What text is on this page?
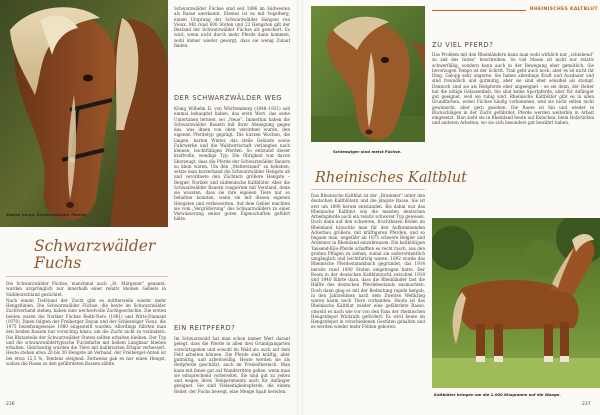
Starke Jungs: Schwarzwälder Füchse
Schwarzwälder
Fuchs

Die Schwarzwälder Füchse, manchmal auch „St. Märgener“ genannt, wurden ursprünglich nur innerhalb einer relativ kleinen Gebiets in Süddeutschland gezüchtet.

Nach einem Tiefstand der Zucht gibt es mittlerweile wieder mehr Hengstlinien. Die Schwarzwälder Füchse, die heute im Schwarzwälder Zuchtverband stehen, haben eine wechselvolle Zuchtgeschichte. Die ersten beiden waren die Noriker Füchse Reith-Nero (1961) und Wirts-Diamant (1970). Ihnen folgten der Freiberger Dayan und der Schleswiger Vieux, die 1975 beziehungsweise 1980 eingestellt wurden. Allerdings führten man den beiden Rassen nur vorsichtig hinzu, um die Zucht nicht zu verändern. Die Blutanteile der Schwarzwälder Stuten sollten erhalten bleiben. Der Typ und die schwarzwäldertypische Fuchsfarbe mit hellem Langhaar blieben erhalten. Gleichzeitig wurden die Tiere mit kalibrierten Erbgut verbessert. Heute stehen etwa 20 bis 30 Hengste im Verband, der Freiberger-Anteil ist bei etwa 12,5 %, Tendenz steigend. Zeitweise gab es nur einen Hengst, sodass die Rasse zu den gefährdeten Rassen zählte.

Schwarzwälder Füchse sind seit 1896 im Südwesten als Rasse anerkannt. Ebenso ist es mit Vogelberg, einem Ursprung der Schwarzwälder Hengste von Vieux. Mit rund 600 Stuten und 22 Hengsten gilt der Bestand der Schwarzwälder Füchse als gesichert. Es wird, wenn nicht durch mehr Pferde dann kommen, wohl immer wieder gesorgt, dass sie wenig Zulauf finden.
DER SCHWARZWÄLDER WEG
König Wilhelm II. von Württemberg (1848–1921) soll einmal behauptet haben, das erste Wort, das seine Untertanen lernten, sei „Neue“. Immerhin haben die Schwarzwälder Bauern mit ihrer Abneigung gegen das, was ihnen von oben verordnet wurde, den eigenen Pferdetyp geprägt. Die kurzen Wochen, die langen, harten Winter, das steile Gelände sowie Fuhrwerke und die Waldwirtschaft verlangten nach kleinen, leichtfüßigen Pferden. So entstand dieser kraftvolle, wendige Typ. Die Obrigkeit war davon überzeugt, dass die Pferde der Schwarzwälder Bauern zu klein waren. Um den „Mutterstand“ zu beheben, setzte man kurzerhand die Schwarzwälder Hengste ab und verordnete den Züchtern größere Hengste – Belgier, Noriker und süddeutsche Kaltblüter. Aber die Schwarzwälder Bauern reagierten mit Verstand, denn sie wussten, dass sie ihre eigenen Tiere nur so behalten konnten, wenn sie mit diesen eigenen Hengsten und verbesserten. Auf dem Gebiet machten sie vom „Vergrößerung“ des Schwarzwälders zu einer Verwässerung seiner guten Eigenschaften geführt hätte.
EIN REITPFERD?
Im Schwarzwald hat man schon immer Wert darauf gelegt, dass die Pferde in allen drei Grundgangarten vorwärtsgehen und sowohl im Wald als auch auf dem Feld arbeiten können. Die Pferde sind kräftig, aber gutmütig, und arbeitswillig. Heute werden sie als Reitpferde geschätzt, auch im Freizeitbereich. Man kann mit ihnen gut auf Wanderritten gehen, wenn man sie entsprechend vorbereitet. Sie sind gut zu reiten und wegen ihres Temperaments auch für Anfänger geeignet. Sie sind Vielseitigkeitspferde, die einem Reiter, der Fuchs bewegt, eine Menge Spaß bereiten.
236
RHEINISCHES KALTBLUT
Schleswiger sind meist Füchse.
Rheinisches Kaltblut
Das Rheinische Kaltblut ist der „Brummer“ unter den deutschen Kaltblütern und die jüngste Rasse. Sie ist erst um 1890 herum entstanden. Bis dahin war das Rheinische Kaltblut wie die meisten deutschen Arbeitspferde auch ein relativ schwerer Typ gewesen. Doch dann auf den schweren, fruchtbaren Böden im Rheinland brauchte man für den Aufkommenden Ackerbau größere, mit kräftigeren Pferden, und so begann man, ungefähr ab 1875 schwere Belgier und Ardenner in Rheinland einzukreuzen. Die kaltblütigen Tausend-Kilo-Pferde schafften es recht rasch, aus den großen Pflügen zu ziehen, zumal sie außerordentlich umgänglich und leichtfuttrig waren. 1892 wurde das Rheinische Pferdestammbuch gegründet, das 1914 bereits rund 1000 Stuten eingetragen hatte. Der Boom in der deutschen Kaltblutzucht zwischen 1918 und 1940 führte dazu, dass die Rheinländer fast die Hälfte des deutschen Pferdebestands ausmachten. Doch dann ging es mit der Bedeutung rapide bergab, in den Jahrzehnten nach dem Zweiten Weltkrieg waren kaum noch Tiere vorhanden. Heute ist das Rheinische Kaltblut wieder eine gefährdete Rasse, obwohl es nach wie vor von den Fans der rheinischen Hengstdepot Wickrath gefördert. Es wird heute im Hengstdepot in verschiedenen Gestüten gehalten und es werden wieder mehr Fohlen geboren.
ZU VIEL PFERD?
Das Problem mit den Rheinländern kann man wohl wirklich nur „schiebend“ zu ziel des Gutes“ beschreiben. So viel Masse ist nicht nur relativ schwerfällig, sondern kann auch in der Bewegung eher gemütlich. Sie bevorzugen Tempo ist der Schritt. Trab geht auch noch, aber es ist nicht ihr Ding. Galopp sehr ungerne. Sie haben allerdings Kraft und Ausdauer und sind freundlich und gutmütig, aber sie sind eher sensibel als stumpf. Dennoch sind sie als Reitpferde eher ungeeignet – es sei denn, der Reiter hat die nötige Gelassenheit. Sie sind keine Sportpferde, aber für Anfänger gut geeignet, weil sie ruhig sind. Rheinische Kaltblüter gibt es in allen Grundfarben, wobei Füchse häufig vorkommen, weil sie nicht selten nicht gewünscht, aber gern gesehen. Die Rasse ist hin und wieder in Rückschlägen in der Zucht gefährdet, Pferde werden weiterhin in Arbeit eingesetzt. Man sieht sie in Rheinland heute auf Kutschen, beim Holzrücken und anderen Arbeiten, wo sie sich besonders gut bewährt haben.
Kaltblüter bringen um die 1.000 Kilogramm auf die Waage.
237
